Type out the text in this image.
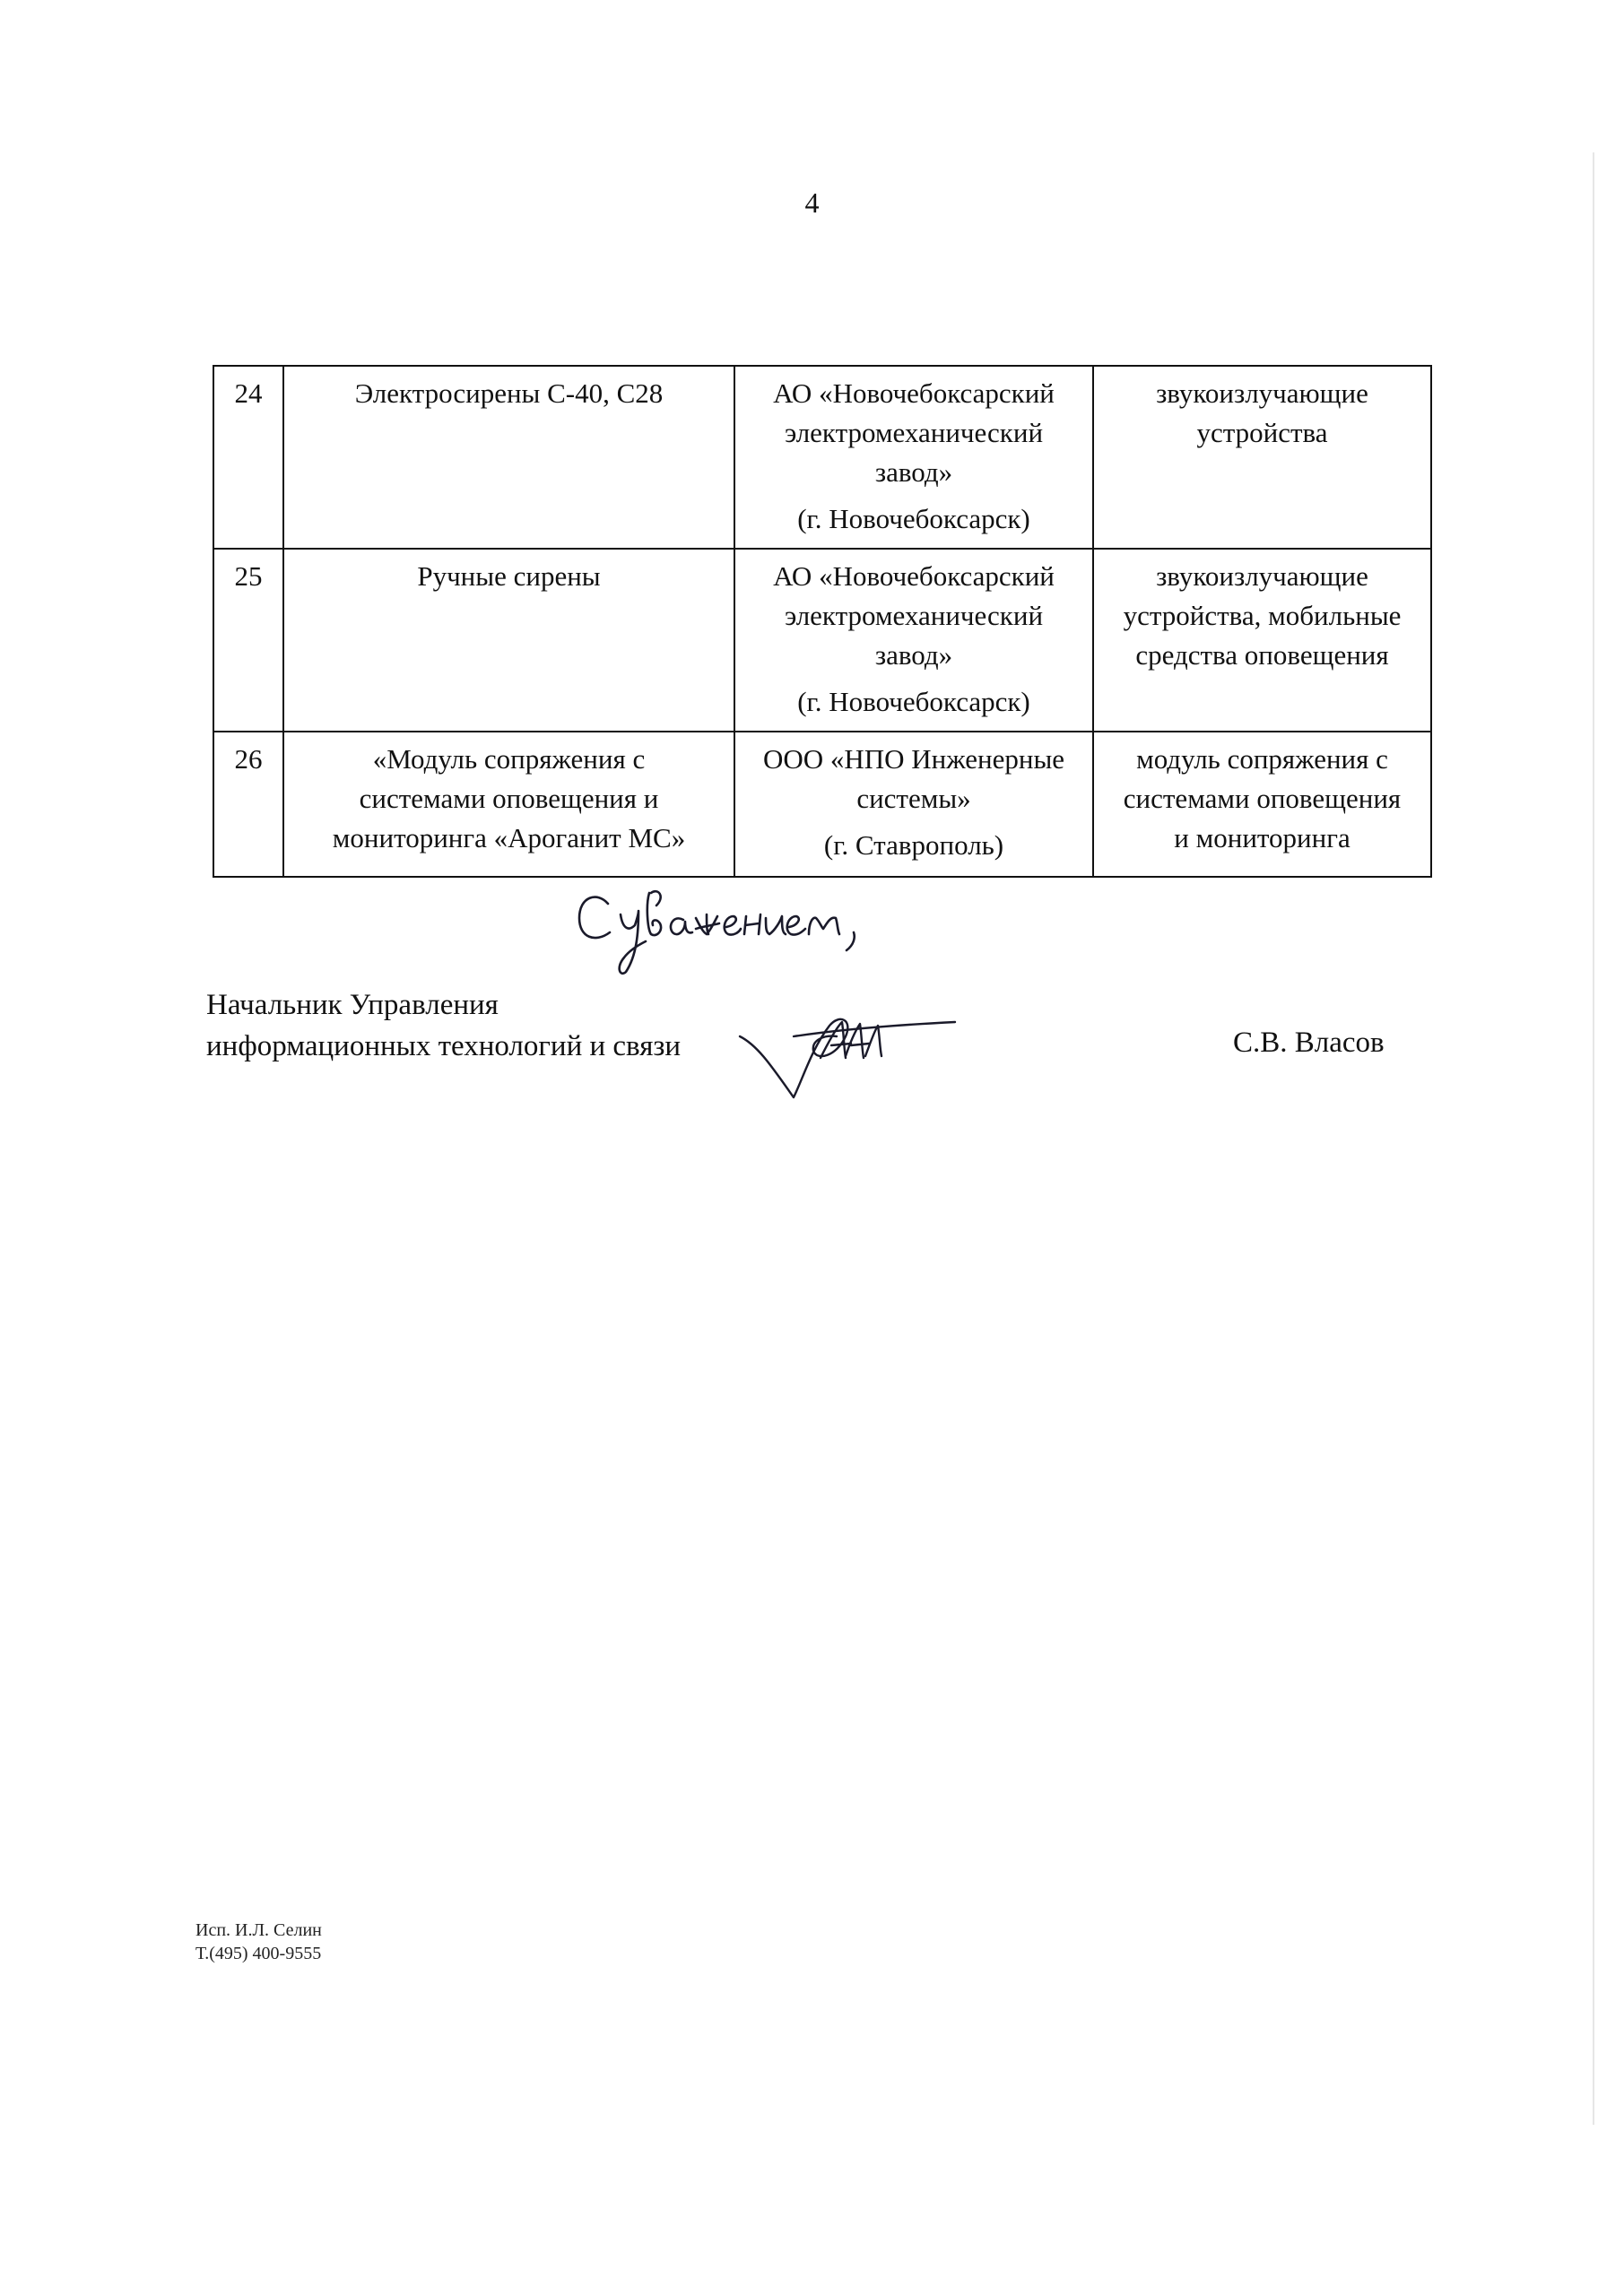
4
24	Электросирены С-40, С28	АО «Новочебоксарский
электромеханический
завод»
(г. Новочебоксарск)	звукоизлучающие
устройства

25	Ручные сирены	АО «Новочебоксарский
электромеханический
завод»
(г. Новочебоксарск)	звукоизлучающие
устройства, мобильные
средства оповещения

26	«Модуль сопряжения с
системами оповещения и
мониторинга «Ароганит МС»	ООО «НПО Инженерные
системы»
(г. Ставрополь)	модуль сопряжения с
системами оповещения
и мониторинга
Начальник Управления
информационных технологий и связи	С.В. Власов
Исп. И.Л. Селин
Т.(495) 400-9555
